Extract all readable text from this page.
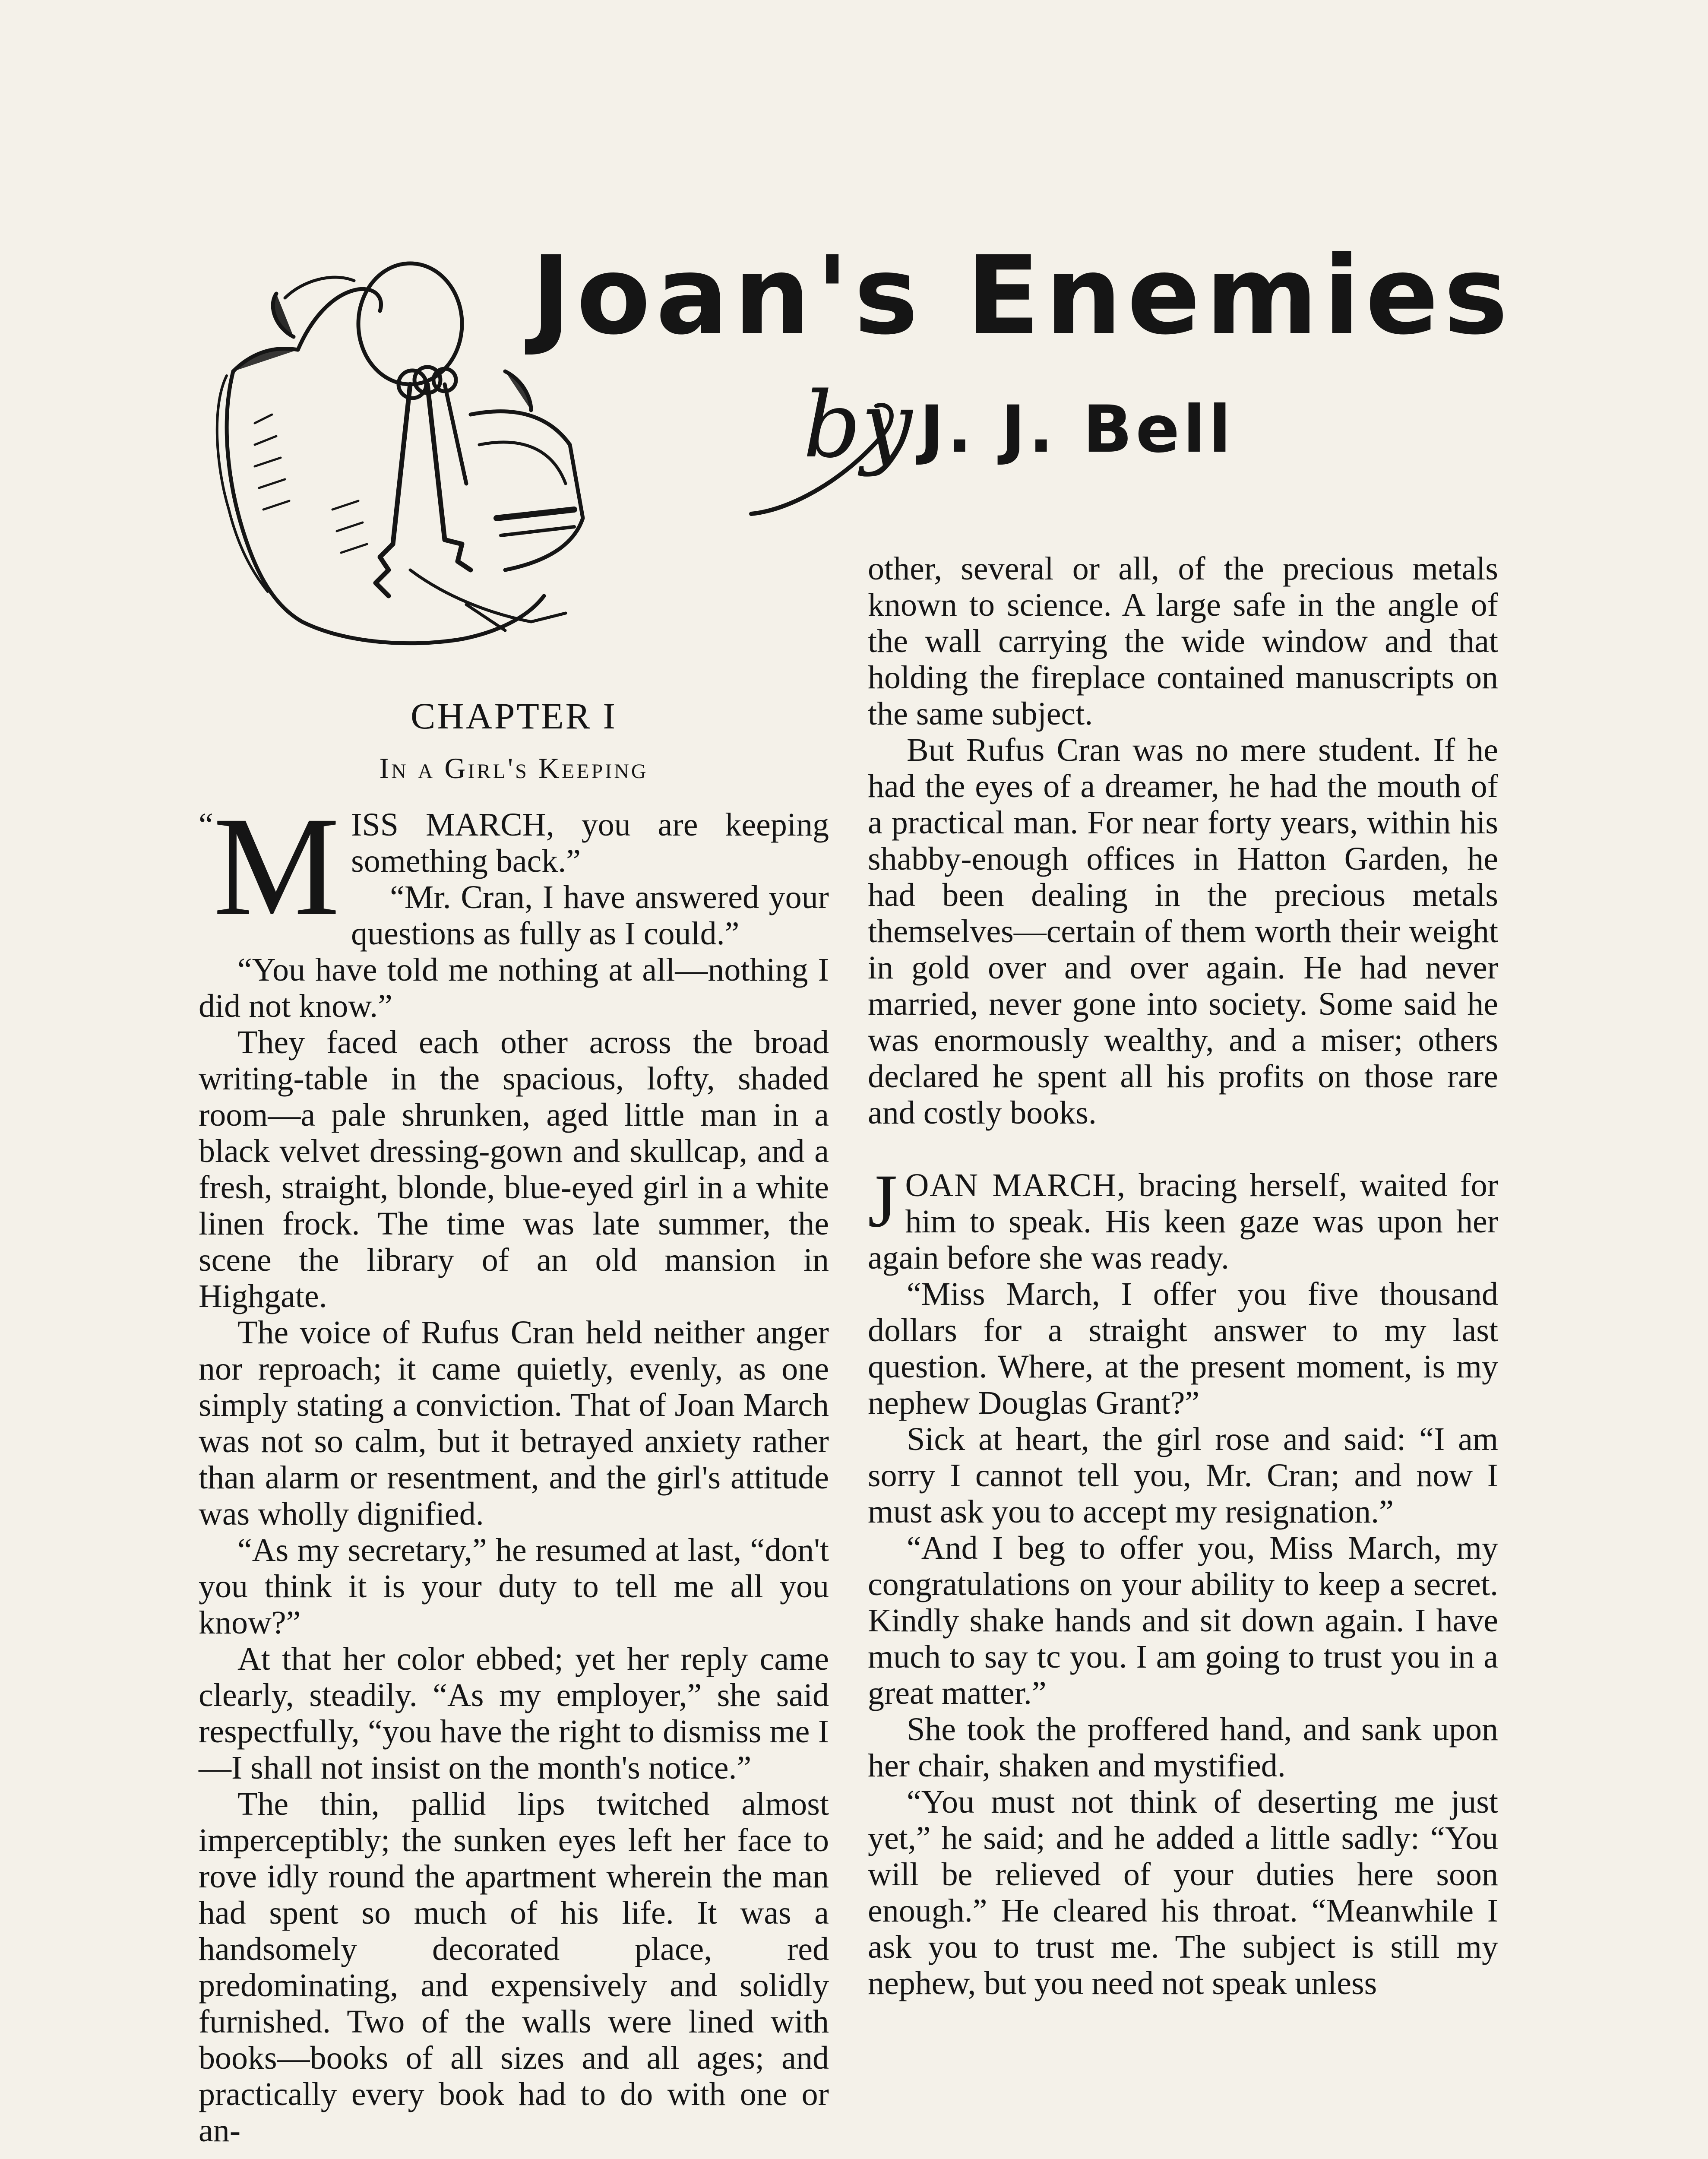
Joan's Enemies
by J. J. Bell
CHAPTER I
In a Girl's Keeping

“ M ISS MARCH, you are keeping something back.”

“Mr. Cran, I have answered your questions as fully as I could.”

“You have told me nothing at all—nothing I did not know.”

They faced each other across the broad writing-table in the spacious, lofty, shaded room—a pale shrunken, aged little man in a black velvet dressing-gown and skullcap, and a fresh, straight, blonde, blue-eyed girl in a white linen frock. The time was late summer, the scene the library of an old mansion in Highgate.

The voice of Rufus Cran held neither anger nor reproach; it came quietly, evenly, as one simply stating a conviction. That of Joan March was not so calm, but it betrayed anxiety rather than alarm or resentment, and the girl's attitude was wholly dignified.

“As my secretary,” he resumed at last, “don't you think it is your duty to tell me all you know?”

At that her color ebbed; yet her reply came clearly, steadily. “As my employer,” she said respectfully, “you have the right to dismiss me I—I shall not insist on the month's notice.”

The thin, pallid lips twitched almost imperceptibly; the sunken eyes left her face to rove idly round the apartment wherein the man had spent so much of his life. It was a handsomely decorated place, red predominating, and expensively and solidly furnished. Two of the walls were lined with books—books of all sizes and all ages; and practically every book had to do with one or an-

other, several or all, of the precious metals known to science. A large safe in the angle of the wall carrying the wide window and that holding the fireplace contained manuscripts on the same subject.

But Rufus Cran was no mere student. If he had the eyes of a dreamer, he had the mouth of a practical man. For near forty years, within his shabby-enough offices in Hatton Garden, he had been dealing in the precious metals themselves—certain of them worth their weight in gold over and over again. He had never married, never gone into society. Some said he was enormously wealthy, and a miser; others declared he spent all his profits on those rare and costly books.

JOAN MARCH, bracing herself, waited for him to speak. His keen gaze was upon her again before she was ready.

“Miss March, I offer you five thousand dollars for a straight answer to my last question. Where, at the present moment, is my nephew Douglas Grant?”

Sick at heart, the girl rose and said: “I am sorry I cannot tell you, Mr. Cran; and now I must ask you to accept my resignation.”

“And I beg to offer you, Miss March, my congratulations on your ability to keep a secret. Kindly shake hands and sit down again. I have much to say tc you. I am going to trust you in a great matter.”

She took the proffered hand, and sank upon her chair, shaken and mystified.

“You must not think of deserting me just yet,” he said; and he added a little sadly: “You will be relieved of your duties here soon enough.” He cleared his throat. “Meanwhile I ask you to trust me. The subject is still my nephew, but you need not speak unless
